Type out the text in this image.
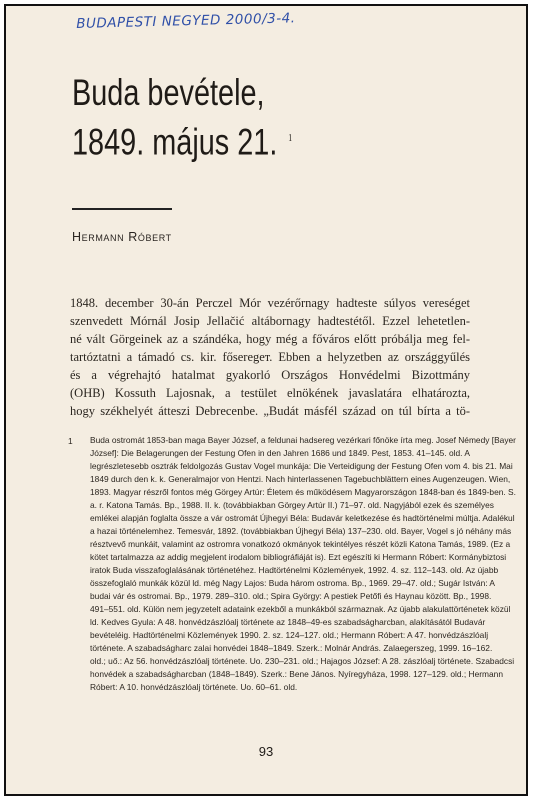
BUDAPESTI NEGYED 2000/3-4.
Buda bevétele,
1849. május 21. $^1$
Hermann Róbert
1848. december 30-án Perczel Mór vezérőrnagy hadteste súlyos vereséget
szenvedett Mórnál Josip Jellačić altábornagy hadtestétől. Ezzel lehetetlen-
né vált Görgeinek az a szándéka, hogy még a főváros előtt próbálja meg fel-
tartóztatni a támadó cs. kir. főseregeт. Ebben a helyzetben az országgyűlés
és a végrehajtó hatalmat gyakorló Országos Honvédelmi Bizottmány
(OHB) Kossuth Lajosnak, a testület elnökének javaslatára elhatározta,
hogy székhelyét átteszi Debrecenbe. „Budát másfél század on túl bírta a tö-
1	Buda ostromát 1853-ban maga Bayer József, a feldunai hadsereg vezérkari főnöke írta meg. Josef Némedy [Bayer
József]: Die Belagerungen der Festung Ofen in den Jahren 1686 und 1849. Pest, 1853. 41–145. old. A
legrészletesebb osztrák feldolgozás Gustav Vogel munkája: Die Verteidigung der Festung Ofen vom 4. bis 21. Mai
1849 durch den k. k. Generalmajor von Hentzi. Nach hinterlassenen Tagebuchblättern eines Augenzeugen. Wien,
1893. Magyar részről fontos még Görgey Artúr: Életem és működésem Magyarországon 1848-ban és 1849-ben. S.
a. r. Katona Tamás. Bp., 1988. II. k. (továbbiakban Görgey Artúr II.) 71–97. old. Nagyjából ezek és személyes
emlékei alapján foglalta össze a vár ostromát Újhegyi Béla: Budavár keletkezése és hadtörténelmi múltja. Adalékul
a hazai történelemhez. Temesvár, 1892. (továbbiakban Újhegyi Béla) 137–230. old. Bayer, Vogel s jó néhány más
résztvevő munkáit, valamint az ostromra vonatkozó okmányok tekintélyes részét közli Katona Tamás, 1989. (Ez a
kötet tartalmazza az addig megjelent irodalom bibliográfiáját is). Ezt egészíti ki Hermann Róbert: Kormánybiztosi
iratok Buda visszafoglalásának történetéhez. Hadtörténelmi Közlemények, 1992. 4. sz. 112–143. old. Az újabb
összefoglaló munkák közül ld. még Nagy Lajos: Buda három ostroma. Bp., 1969. 29–47. old.; Sugár István: A
budai vár és ostromai. Bp., 1979. 289–310. old.; Spira György: A pestiek Petőfi és Haynau között. Bp., 1998.
491–551. old. Külön nem jegyzetelt adataink ezekből a munkákból származnak. Az újabb alakulattörténetek közül
ld. Kedves Gyula: A 48. honvédzászlóalj története az 1848–49-es szabadságharcban, alakításától Budavár
bevételéig. Hadtörténelmi Közlemények 1990. 2. sz. 124–127. old.; Hermann Róbert: A 47. honvédzászlóalj
története. A szabadságharc zalai honvédei 1848–1849. Szerk.: Molnár András. Zalaegerszeg, 1999. 16–162.
old.; uő.: Az 56. honvédzászlóalj története. Uo. 230–231. old.; Hajagos József: A 28. zászlóalj története. Szabadcsi
honvédek a szabadságharcban (1848–1849). Szerk.: Bene János. Nyíregyháza, 1998. 127–129. old.; Hermann
Róbert: A 10. honvédzászlóalj története. Uo. 60–61. old.
93
